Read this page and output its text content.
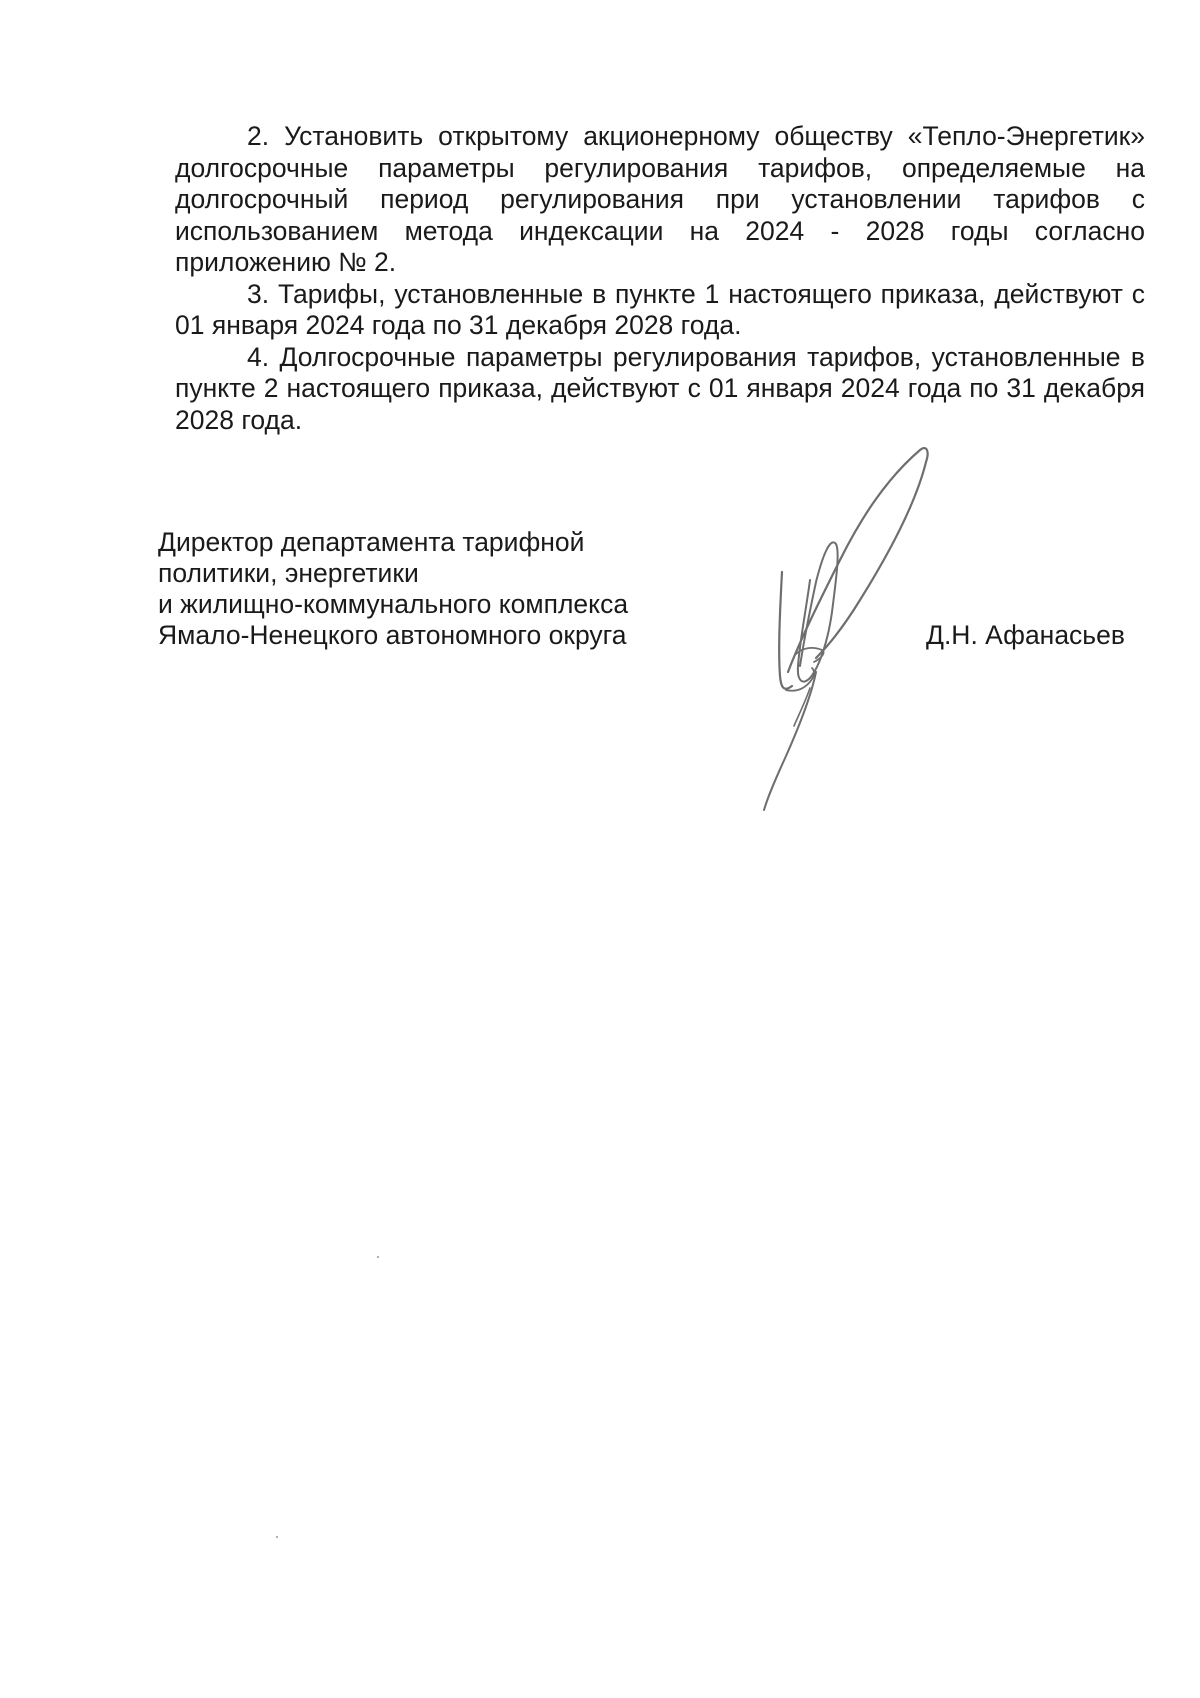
2. Установить открытому акционерному обществу «Тепло-Энергетик» долгосрочные параметры регулирования тарифов, определяемые на долгосрочный период регулирования при установлении тарифов с использованием метода индексации на 2024 - 2028 годы согласно приложению № 2.

3. Тарифы, установленные в пункте 1 настоящего приказа, действуют с 01 января 2024 года по 31 декабря 2028 года.

4. Долгосрочные параметры регулирования тарифов, установленные в пункте 2 настоящего приказа, действуют с 01 января 2024 года по 31 декабря 2028 года.

Директор департамента тарифной
политики, энергетики
и жилищно-коммунального комплекса
Ямало-Ненецкого автономного округа	Д.Н. Афанасьев
